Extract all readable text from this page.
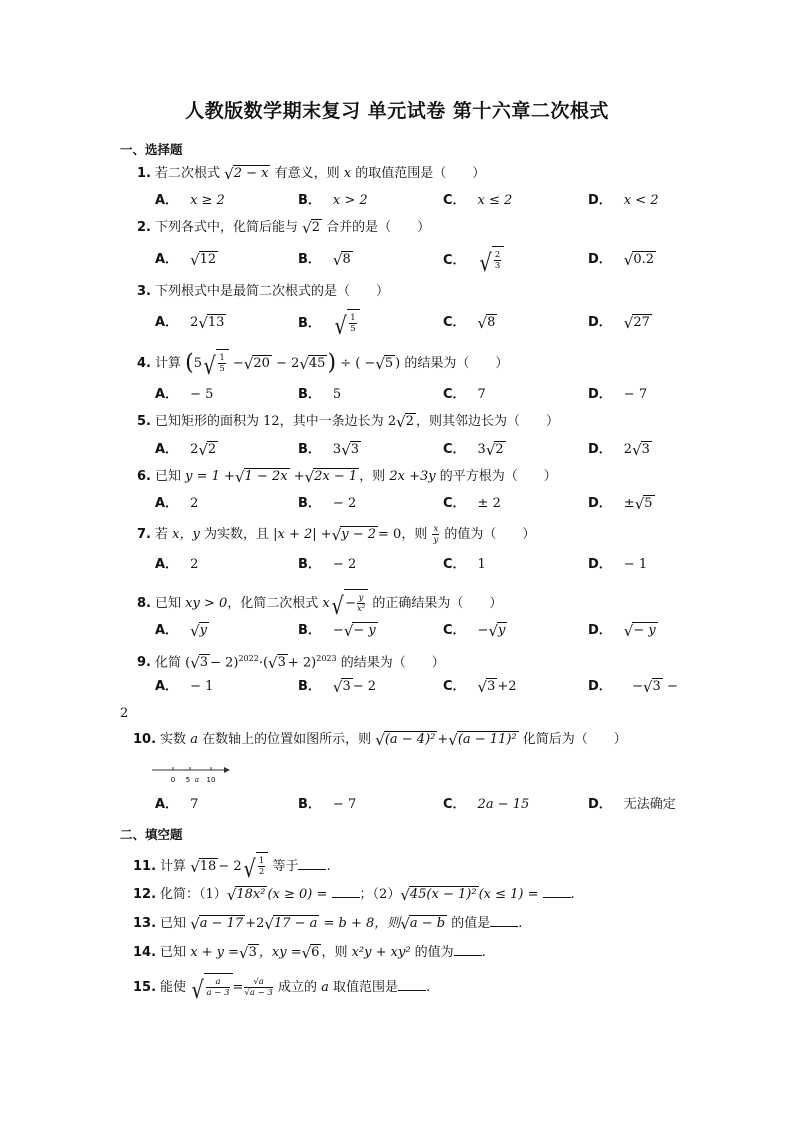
人教版数学期末复习 单元试卷 第十六章二次根式
一、选择题
1. 若二次根式 √ 2 − x 有意义，则 x 的取值范围是（　　）
A． x ≥ 2	B． x > 2	C． x ≤ 2	D． x < 2
2. 下列各式中，化简后能与 √ 2 合并的是（　　）
A． √ 12	B． √ 8	C． √ $\frac{2}{3}$	D． √ 0.2
3. 下列根式中是最简二次根式的是（　　）
A． 2 √ 13	B． √ $\frac{1}{5}$	C． √ 8	D． √ 27
4. 计算 (5 √ $\frac{1}{5}$ − √ 20 − 2 √ 45 ) ÷ ( − √ 5 ) 的结果为（　　）
A． − 5	B． 5	C． 7	D． − 7
5. 已知矩形的面积为 12，其中一条边长为 2 √ 2 ，则其邻边长为（　　）
A． 2 √ 2	B． 3 √ 3	C． 3 √ 2	D． 2 √ 3
6. 已知 y = 1 + √ 1 − 2x + √ 2x − 1 ，则 2x +3y 的平方根为（　　）
A． 2	B． − 2	C． ± 2	D． ± √ 5
7. 若 x，y 为实数，且 |x + 2| + √ y − 2 = 0，则 $\frac{x}{y}$ 的值为（　　）
A． 2	B． − 2	C． 1	D． − 1
8. 已知 xy > 0，化简二次根式 x √ − $\frac{y}{\text{x²}}$ 的正确结果为（　　）
A． √ y	B． − √ − y	C． − √ y	D． √ − y
9. 化简 ( √ 3 − 2)$^{2022}$·( √ 3 + 2)$^{2023}$ 的结果为（　　）
A． − 1	B． √ 3 − 2	C． √ 3 +2	D． − √ 3 −
2
10. 实数 a 在数轴上的位置如图所示，则 √ (a − 4)² + √ (a − 11)² 化简后为（　　）
0 5 a 10
A． 7	B． − 7	C． 2a − 15	D． 无法确定
二、填空题
11. 计算 √ 18 − 2 √ $\frac{1}{2}$ 等于 .
12. 化简：（1） √ 18x² (x ≥ 0) = ；（2） √ 45(x − 1)² (x ≤ 1) = .
13. 已知 √ a − 17 +2 √ 17 − a = b + 8，则 √ a − b 的值是 .
14. 已知 x + y = √ 3 ，xy = √ 6 ，则 x²y + xy² 的值为 .
15. 能使 √ $\frac{a}{a - 3} = \frac{√a}{√a - 3}$ 成立的 a 取值范围是 .
